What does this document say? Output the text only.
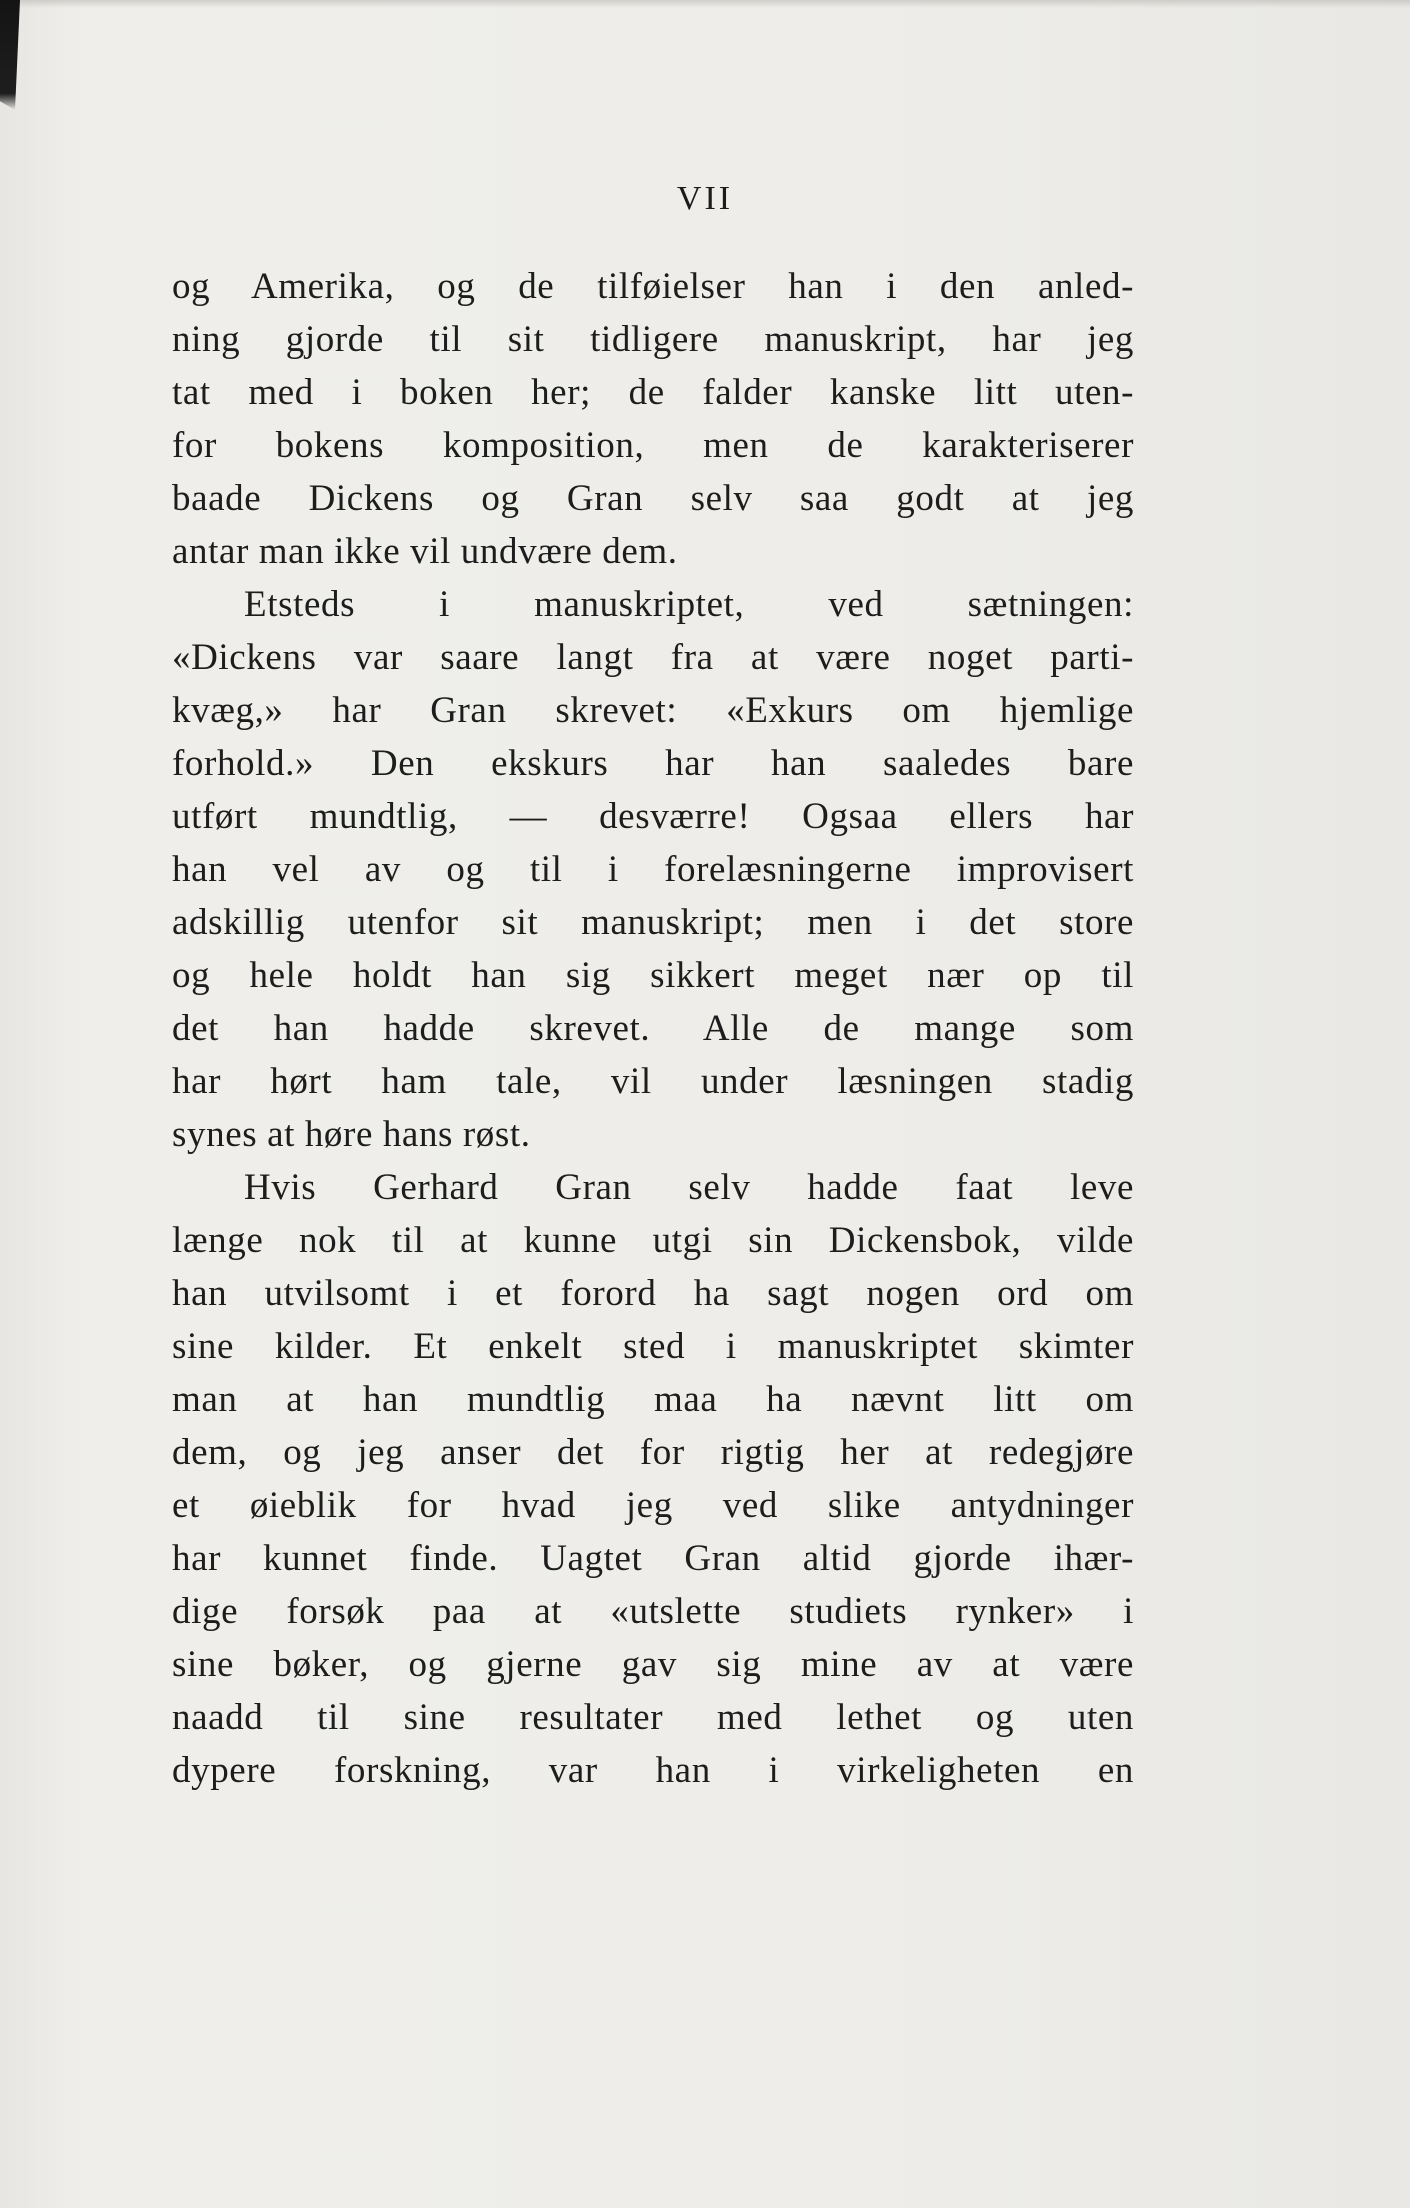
VII
og Amerika, og de tilføielser han i den anled-
ning gjorde til sit tidligere manuskript, har jeg
tat med i boken her; de falder kanske litt uten-
for bokens komposition, men de karakteriserer
baade Dickens og Gran selv saa godt at jeg
antar man ikke vil undvære dem.
Etsteds i manuskriptet, ved sætningen:
«Dickens var saare langt fra at være noget parti-
kvæg,» har Gran skrevet: «Exkurs om hjemlige
forhold.» Den ekskurs har han saaledes bare
utført mundtlig, — desværre! Ogsaa ellers har
han vel av og til i forelæsningerne improvisert
adskillig utenfor sit manuskript; men i det store
og hele holdt han sig sikkert meget nær op til
det han hadde skrevet. Alle de mange som
har hørt ham tale, vil under læsningen stadig
synes at høre hans røst.
Hvis Gerhard Gran selv hadde faat leve
længe nok til at kunne utgi sin Dickensbok, vilde
han utvilsomt i et forord ha sagt nogen ord om
sine kilder. Et enkelt sted i manuskriptet skimter
man at han mundtlig maa ha nævnt litt om
dem, og jeg anser det for rigtig her at redegjøre
et øieblik for hvad jeg ved slike antydninger
har kunnet finde. Uagtet Gran altid gjorde ihær-
dige forsøk paa at «utslette studiets rynker» i
sine bøker, og gjerne gav sig mine av at være
naadd til sine resultater med lethet og uten
dypere forskning, var han i virkeligheten en
